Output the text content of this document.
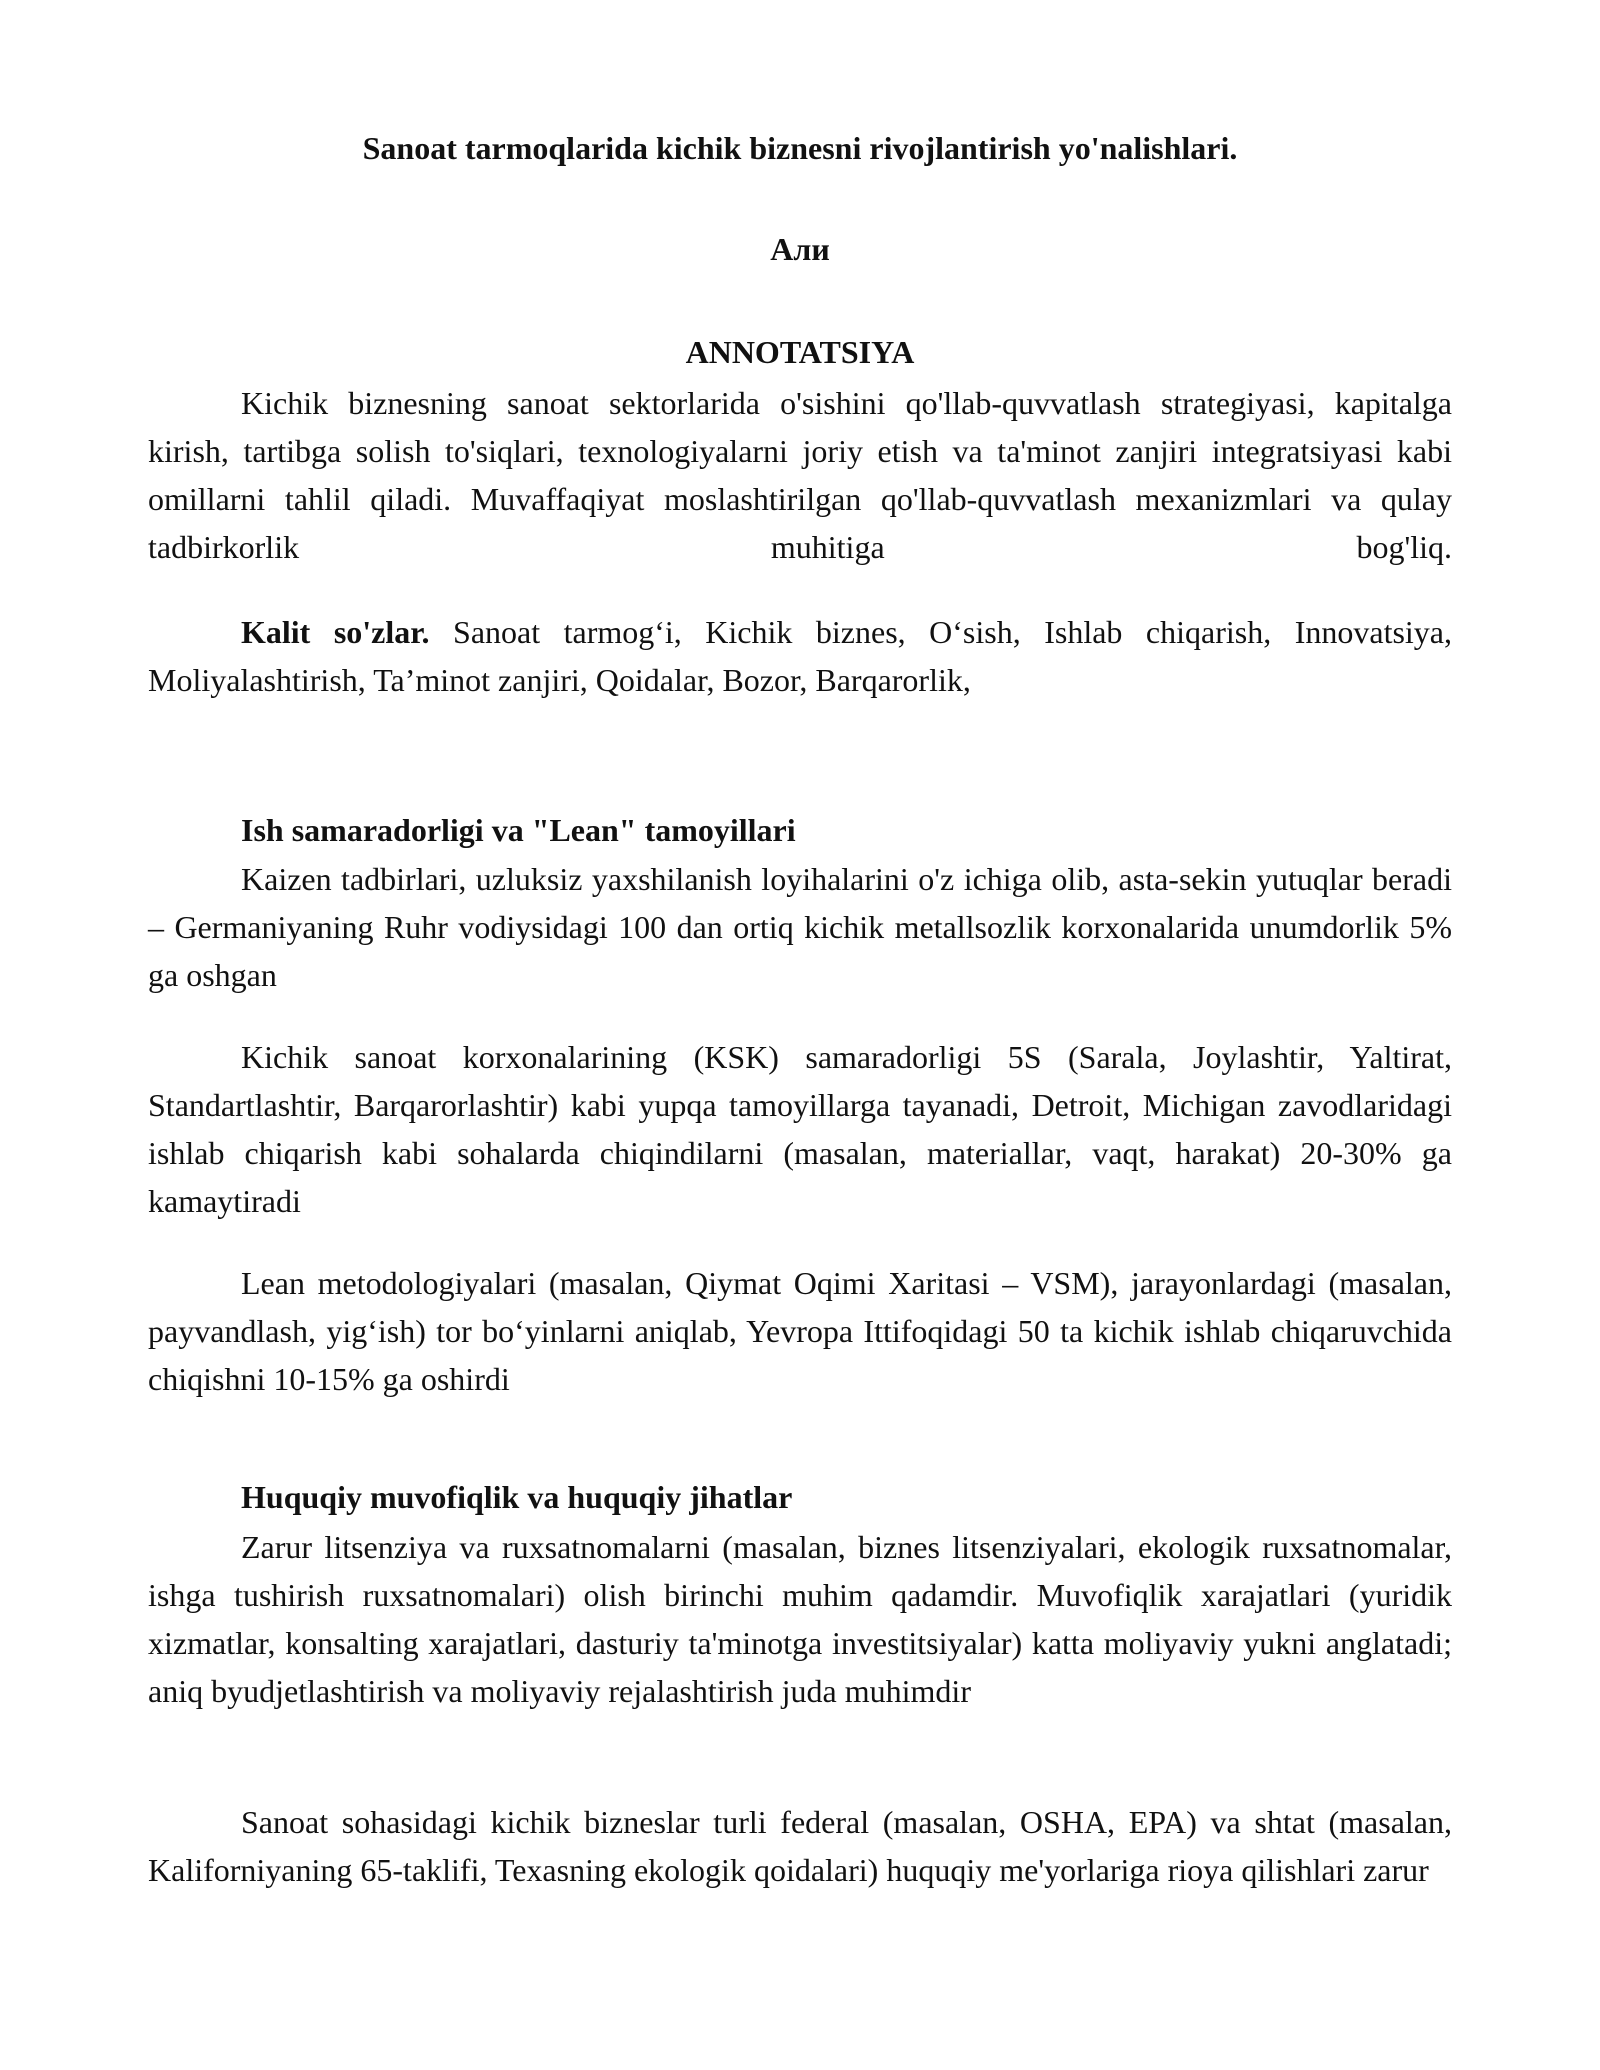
Sanoat tarmoqlarida kichik biznesni rivojlantirish yo'nalishlari.
Али
ANNOTATSIYA

Kichik biznesning sanoat sektorlarida o'sishini qo'llab-quvvatlash strategiyasi, kapitalga kirish, tartibga solish to'siqlari, texnologiyalarni joriy etish va ta'minot zanjiri integratsiyasi kabi omillarni tahlil qiladi. Muvaffaqiyat moslashtirilgan qo'llab-quvvatlash mexanizmlari va qulay tadbirkorlik muhitiga bog'liq.

Kalit so'zlar. Sanoat tarmog‘i, Kichik biznes, O‘sish, Ishlab chiqarish, Innovatsiya, Moliyalashtirish, Ta’minot zanjiri, Qoidalar, Bozor, Barqarorlik,

Ish samaradorligi va "Lean" tamoyillari

Kaizen tadbirlari, uzluksiz yaxshilanish loyihalarini o'z ichiga olib, asta-sekin yutuqlar beradi – Germaniyaning Ruhr vodiysidagi 100 dan ortiq kichik metallsozlik korxonalarida unumdorlik 5% ga oshgan

Kichik sanoat korxonalarining (KSK) samaradorligi 5S (Sarala, Joylashtir, Yaltirat, Standartlashtir, Barqarorlashtir) kabi yupqa tamoyillarga tayanadi, Detroit, Michigan zavodlaridagi ishlab chiqarish kabi sohalarda chiqindilarni (masalan, materiallar, vaqt, harakat) 20-30% ga kamaytiradi

Lean metodologiyalari (masalan, Qiymat Oqimi Xaritasi – VSM), jarayonlardagi (masalan, payvandlash, yig‘ish) tor bo‘yinlarni aniqlab, Yevropa Ittifoqidagi 50 ta kichik ishlab chiqaruvchida chiqishni 10-15% ga oshirdi

Huquqiy muvofiqlik va huquqiy jihatlar

Zarur litsenziya va ruxsatnomalarni (masalan, biznes litsenziyalari, ekologik ruxsatnomalar, ishga tushirish ruxsatnomalari) olish birinchi muhim qadamdir. Muvofiqlik xarajatlari (yuridik xizmatlar, konsalting xarajatlari, dasturiy ta'minotga investitsiyalar) katta moliyaviy yukni anglatadi; aniq byudjetlashtirish va moliyaviy rejalashtirish juda muhimdir

Sanoat sohasidagi kichik bizneslar turli federal (masalan, OSHA, EPA) va shtat (masalan, Kaliforniyaning 65-taklifi, Texasning ekologik qoidalari) huquqiy me'yorlariga rioya qilishlari zarur
